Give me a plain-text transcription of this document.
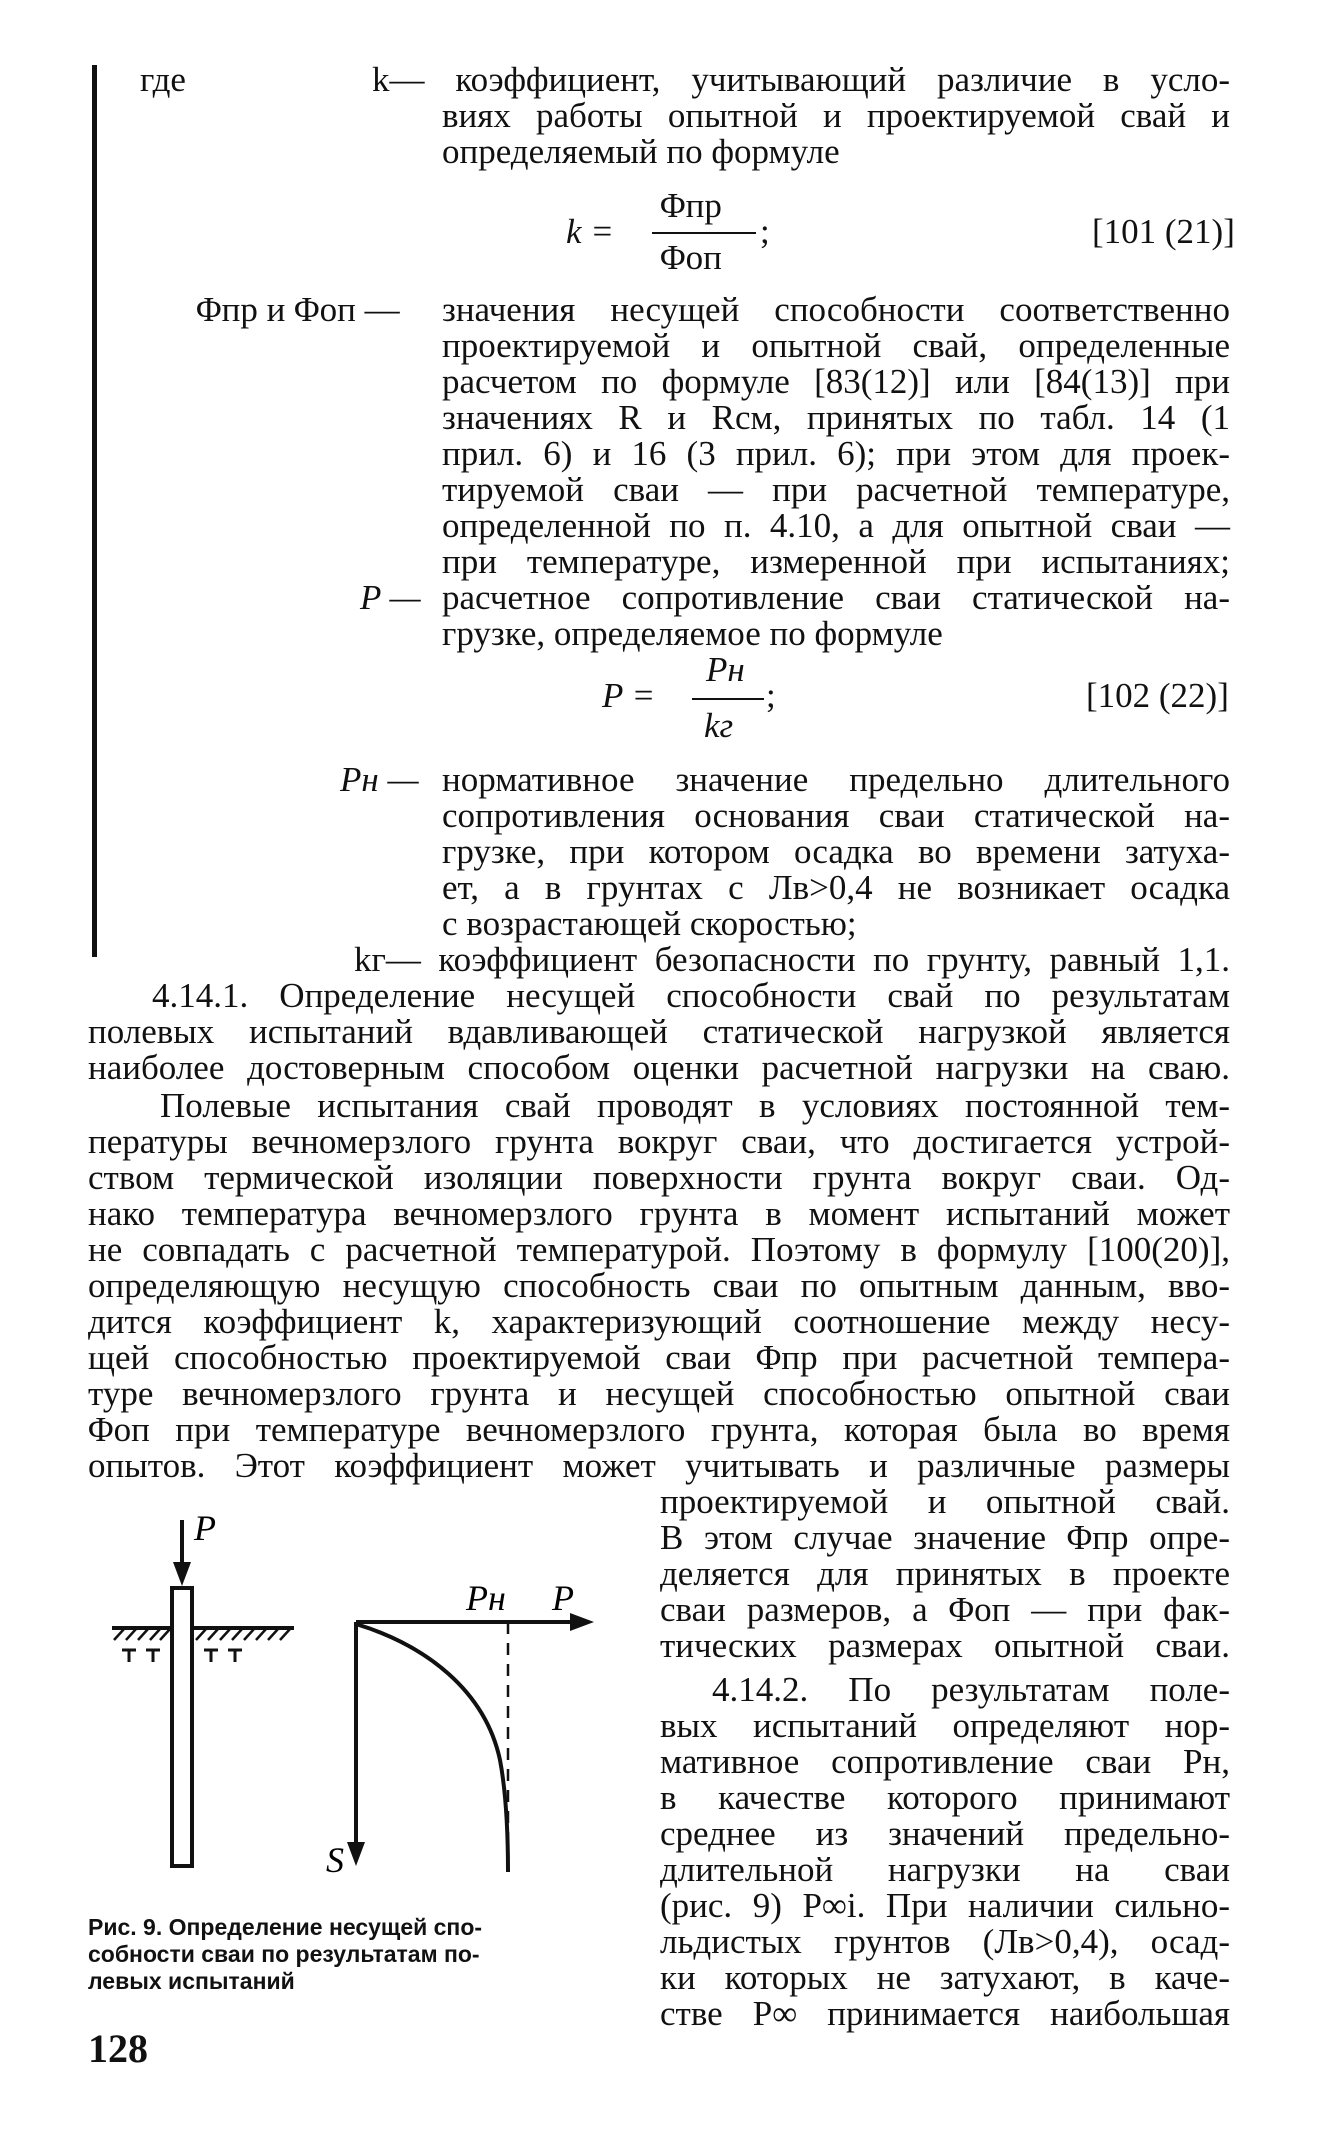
где	k— коэффициент, учитывающий различие в усло-
виях работы опытной и проектируемой свай и
определяемый по формуле
k =
Φпр
Φоп
;	[101 (21)]
Φпр и Φоп — значения несущей способности соответственно
проектируемой и опытной свай, определенные
расчетом по формуле [83(12)] или [84(13)] при
значениях R и Rсм, принятых по табл. 14 (1
прил. 6) и 16 (3 прил. 6); при этом для проек-
тируемой сваи — при расчетной температуре,
определенной по п. 4.10, а для опытной сваи —
при температуре, измеренной при испытаниях;
P — расчетное сопротивление сваи статической на-
грузке, определяемое по формуле
P =
Pн
kг
;	[102 (22)]
Pн — нормативное значение предельно длительного
сопротивления основания сваи статической на-
грузке, при котором осадка во времени затуха-
ет, а в грунтах с Лв>0,4 не возникает осадка
с возрастающей скоростью;
kг— коэффициент безопасности по грунту, равный 1,1.
4.14.1. Определение несущей способности свай по результатам
полевых испытаний вдавливающей статической нагрузкой является
наиболее достоверным способом оценки расчетной нагрузки на сваю.
Полевые испытания свай проводят в условиях постоянной тем-
пературы вечномерзлого грунта вокруг сваи, что достигается устрой-
ством термической изоляции поверхности грунта вокруг сваи. Од-
нако температура вечномерзлого грунта в момент испытаний может
не совпадать с расчетной температурой. Поэтому в формулу [100(20)],
определяющую несущую способность сваи по опытным данным, вво-
дится коэффициент k, характеризующий соотношение между несу-
щей способностью проектируемой сваи Φпр при расчетной темпера-
туре вечномерзлого грунта и несущей способностью опытной сваи
Φоп при температуре вечномерзлого грунта, которая была во время
опытов. Этот коэффициент может учитывать и различные размеры
проектируемой и опытной свай.
В этом случае значение Φпр опре-
деляется для принятых в проекте
сваи размеров, а Φоп — при фак-
тических размерах опытной сваи.
4.14.2. По результатам поле-
вых испытаний определяют нор-
мативное сопротивление сваи Pн,
в качестве которого принимают
среднее из значений предельно-
длительной нагрузки на сваи
(рис. 9) P∞i. При наличии сильно-
льдистых грунтов (Лв>0,4), осад-
ки которых не затухают, в каче-
стве P∞ принимается наибольшая
P
Pн P
S
Рис. 9. Определение несущей спо-
собности сваи по результатам по-
левых испытаний
128
